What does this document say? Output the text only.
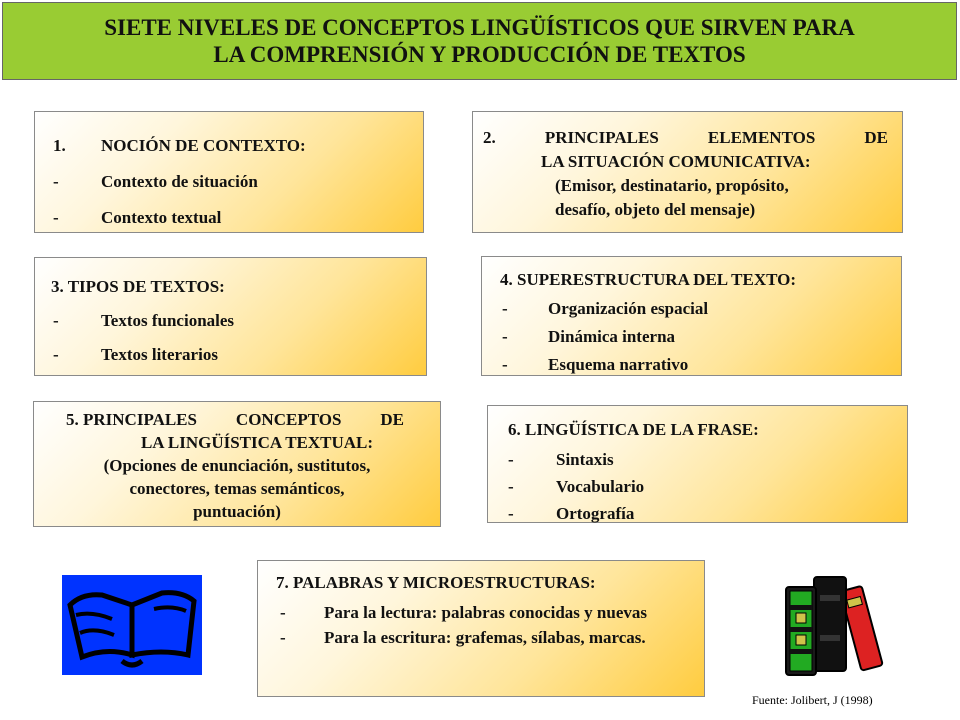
SIETE NIVELES DE CONCEPTOS LINGÜÍSTICOS QUE SIRVEN PARA
LA COMPRENSIÓN Y PRODUCCIÓN DE TEXTOS
1.	NOCIÓN DE CONTEXTO:
-	Contexto de situación
-	Contexto textual
2.	PRINCIPALES	ELEMENTOS	DE
LA SITUACIÓN COMUNICATIVA:
(Emisor, destinatario, propósito,
desafío, objeto del mensaje)
3. TIPOS DE TEXTOS:
-	Textos funcionales
-	Textos literarios
4. SUPERESTRUCTURA DEL TEXTO:
-	Organización espacial
-	Dinámica interna
-	Esquema narrativo
5. PRINCIPALES CONCEPTOS DE
LA LINGÜÍSTICA TEXTUAL:
(Opciones de enunciación, sustitutos,
conectores, temas semánticos,
puntuación)
6. LINGÜÍSTICA DE LA FRASE:
-	Sintaxis
-	Vocabulario
-	Ortografía
7. PALABRAS Y MICROESTRUCTURAS:
-	Para la lectura: palabras conocidas y nuevas
-	Para la escritura: grafemas, sílabas, marcas.
Fuente: Jolibert, J (1998)
